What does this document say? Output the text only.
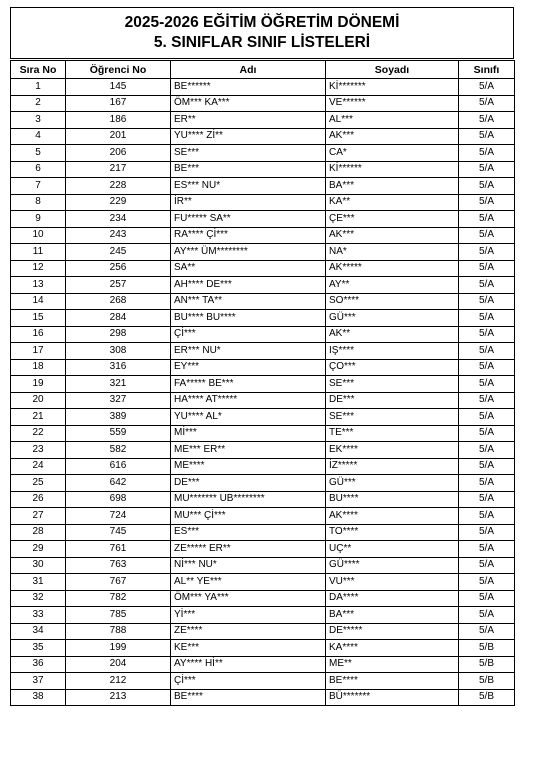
2025-2026 EĞİTİM ÖĞRETİM DÖNEMİ
5. SINIFLAR SINIF LİSTELERİ
Sıra No	Öğrenci No	Adı	Soyadı	Sınıfı
1	145	BE******	Kİ*******	5/A
2	167	ÖM*** KA***	VE******	5/A
3	186	ER**	AL***	5/A
4	201	YU**** Zİ**	AK***	5/A
5	206	SE***	CA*	5/A
6	217	BE***	Kİ******	5/A
7	228	ES*** NU*	BA***	5/A
8	229	İR**	KA**	5/A
9	234	FU***** SA**	ÇE***	5/A
10	243	RA**** Çİ***	AK***	5/A
11	245	AY*** ÜM********	NA*	5/A
12	256	SA**	AK*****	5/A
13	257	AH**** DE***	AY**	5/A
14	268	AN*** TA**	SO****	5/A
15	284	BU**** BU****	GÜ***	5/A
16	298	Çİ***	AK**	5/A
17	308	ER*** NU*	IŞ****	5/A
18	316	EY***	ÇO***	5/A
19	321	FA***** BE***	SE***	5/A
20	327	HA**** AT*****	DE***	5/A
21	389	YU**** AL*	SE***	5/A
22	559	Mİ***	TE***	5/A
23	582	ME*** ER**	EK****	5/A
24	616	ME****	İZ*****	5/A
25	642	DE***	GÜ***	5/A
26	698	MU******* UB********	BU****	5/A
27	724	MU*** Çİ***	AK****	5/A
28	745	ES***	TO****	5/A
29	761	ZE***** ER**	UÇ**	5/A
30	763	Nİ*** NU*	GÜ****	5/A
31	767	AL** YE***	VU***	5/A
32	782	ÖM*** YA***	DA****	5/A
33	785	Yİ***	BA***	5/A
34	788	ZE****	DE*****	5/A
35	199	KE***	KA****	5/B
36	204	AY**** Hİ**	ME**	5/B
37	212	Çİ***	BE****	5/B
38	213	BE****	BÜ*******	5/B
